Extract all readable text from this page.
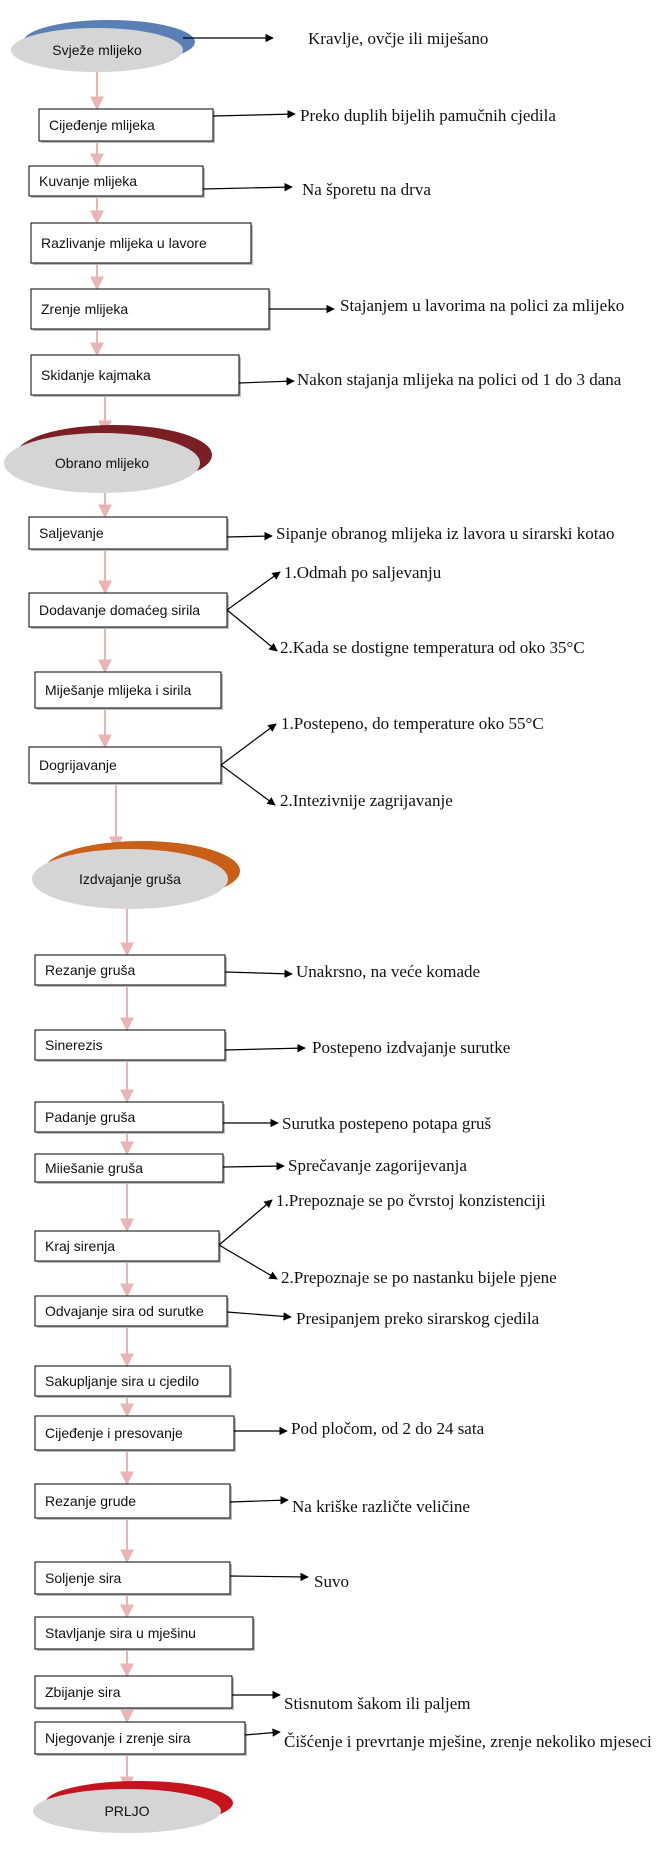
Svježe mlijeko
Obrano mlijeko
Izdvajanje gruša
PRLJO
Cijeđenje mlijeka
Kuvanje mlijeka
Razlivanje mlijeka u lavore
Zrenje mlijeka
Skidanje kajmaka
Saljevanje
Dodavanje domaćeg sirila
Miješanje mlijeka i sirila
Dogrijavanje
Rezanje gruša
Sinerezis
Padanje gruša
Miiešanie gruša
Kraj sirenja
Odvajanje sira od surutke
Sakupljanje sira u cjedilo
Cijeđenje i presovanje
Rezanje grude
Soljenje sira
Stavljanje sira u mješinu
Zbijanje sira
Njegovanje i zrenje sira
Kravlje, ovčje ili miješano
Preko duplih bijelih pamučnih cjedila
Na šporetu na drva
Stajanjem u lavorima na polici za mlijeko
Nakon stajanja mlijeka na polici od 1 do 3 dana
Sipanje obranog mlijeka iz lavora u sirarski kotao
1.Odmah po saljevanju
2.Kada se dostigne temperatura od oko 35°C
1.Postepeno, do temperature oko 55°C
2.Intezivnije zagrijavanje
Unakrsno, na veće komade
Postepeno izdvajanje surutke
Surutka postepeno potapa gruš
Sprečavanje zagorijevanja
1.Prepoznaje se po čvrstoj konzistenciji
2.Prepoznaje se po nastanku bijele pjene
Presipanjem preko sirarskog cjedila
Pod pločom, od 2 do 24 sata
Na kriške različte veličine
Suvo
Stisnutom šakom ili paljem
Čišćenje i prevrtanje mješine, zrenje nekoliko mjeseci
